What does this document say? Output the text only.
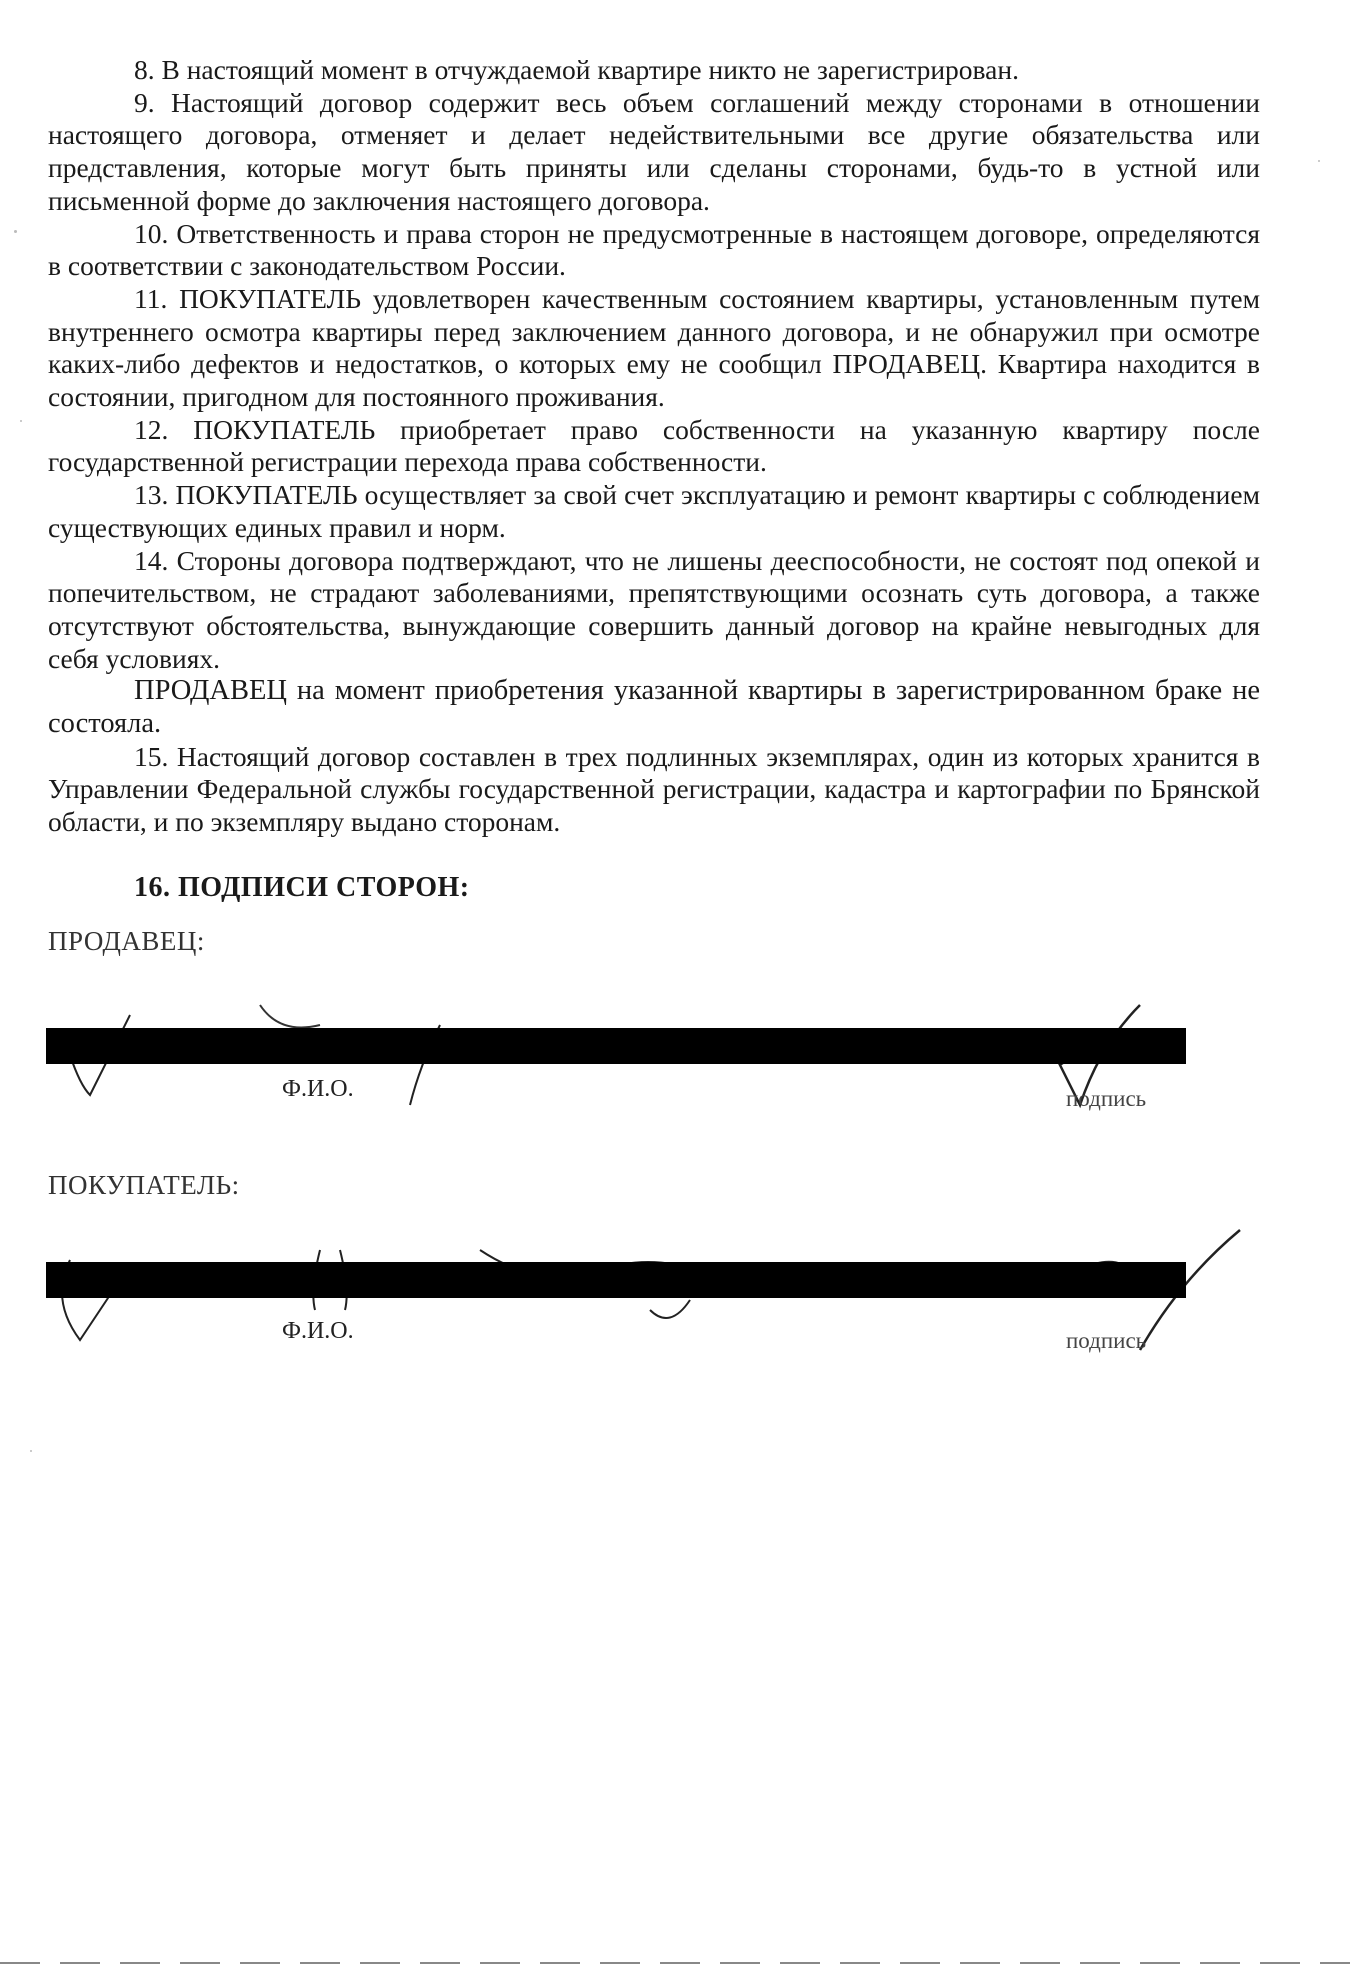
8. В настоящий момент в отчуждаемой квартире никто не зарегистрирован.

9. Настоящий договор содержит весь объем соглашений между сторонами в отношении настоящего договора, отменяет и делает недействительными все другие обязательства или представления, которые могут быть приняты или сделаны сторонами, будь-то в устной или письменной форме до заключения настоящего договора.

10. Ответственность и права сторон не предусмотренные в настоящем договоре, определяются в соответствии с законодательством России.

11. ПОКУПАТЕЛЬ удовлетворен качественным состоянием квартиры, установленным путем внутреннего осмотра квартиры перед заключением данного договора, и не обнаружил при осмотре каких-либо дефектов и недостатков, о которых ему не сообщил ПРОДАВЕЦ. Квартира находится в состоянии, пригодном для постоянного проживания.

12. ПОКУПАТЕЛЬ приобретает право собственности на указанную квартиру после государственной регистрации перехода права собственности.

13. ПОКУПАТЕЛЬ осуществляет за свой счет эксплуатацию и ремонт квартиры с соблюдением существующих единых правил и норм.

14. Стороны договора подтверждают, что не лишены дееспособности, не состоят под опекой и попечительством, не страдают заболеваниями, препятствующими осознать суть договора, а также отсутствуют обстоятельства, вынуждающие совершить данный договор на крайне невыгодных для себя условиях.

ПРОДАВЕЦ на момент приобретения указанной квартиры в зарегистрированном браке не состояла.

15. Настоящий договор составлен в трех подлинных экземплярах, один из которых хранится в Управлении Федеральной службы государственной регистрации, кадастра и картографии по Брянской области, и по экземпляру выдано сторонам.

16. ПОДПИСИ СТОРОН:
ПРОДАВЕЦ:
Ф.И.О.	подпись
ПОКУПАТЕЛЬ:
Ф.И.О.	подпись
